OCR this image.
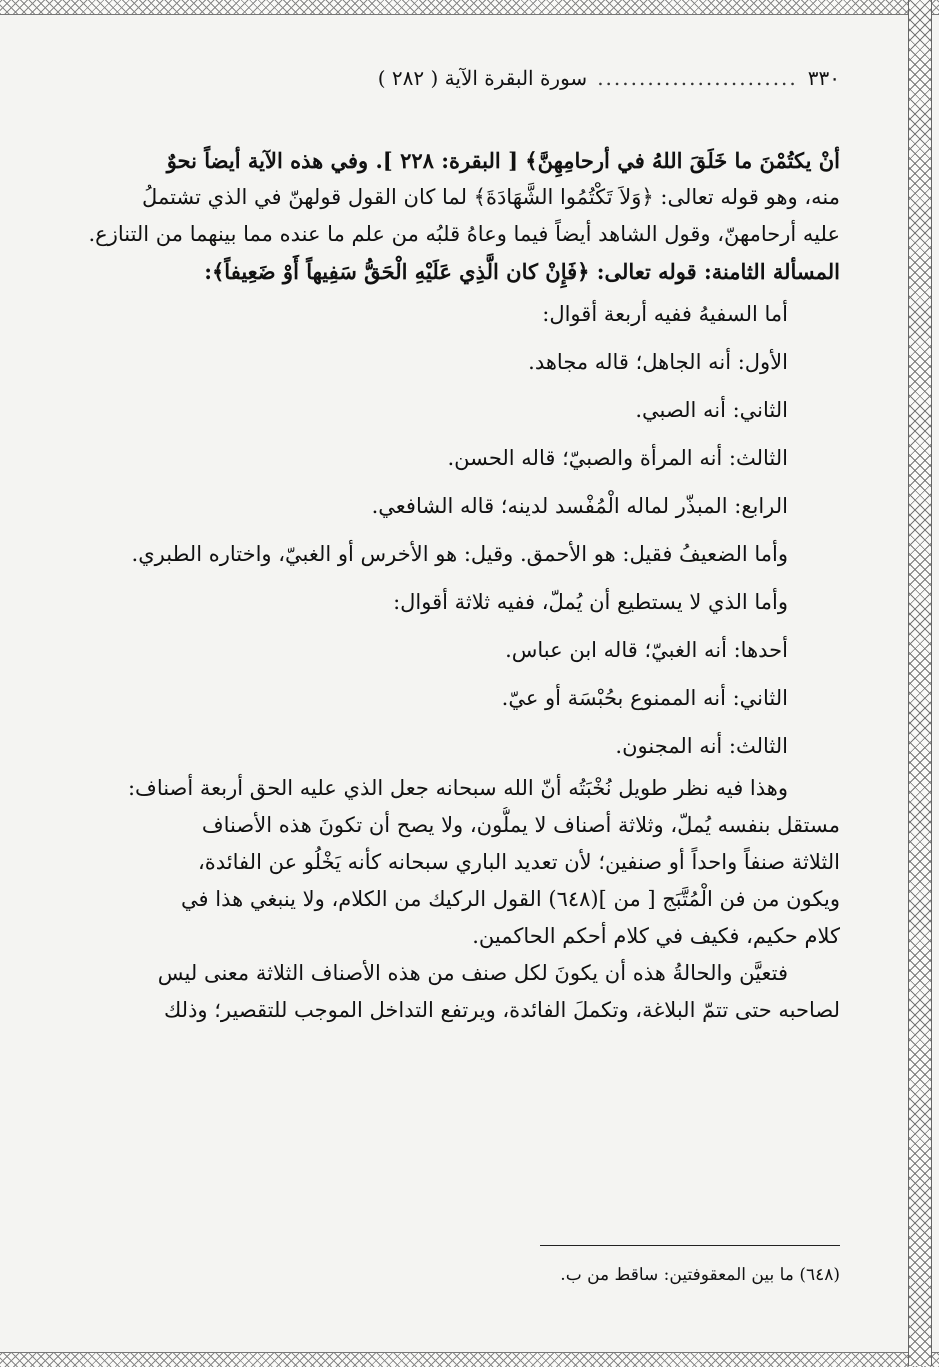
٣٣٠
........................
سورة البقرة الآية ( ٢٨٢ )
أنْ يكتُمْنَ ما خَلَقَ اللهُ في أرحامِهِنَّ﴾ [ البقرة: ٢٢٨ ]. وفي هذه الآية أيضاً نحوٌ
منه، وهو قوله تعالى: ﴿وَلاَ تَكْتُمُوا الشَّهَادَةَ﴾ لما كان القول قولهنّ في الذي تشتملُ
عليه أرحامهنّ، وقول الشاهد أيضاً فيما وعاهُ قلبُه من علم ما عنده مما بينهما من التنازع.
المسألة الثامنة: قوله تعالى: ﴿فَإِنْ كان الَّذِي عَلَيْهِ الْحَقُّ سَفِيهاً أَوْ ضَعِيفاً﴾:
أما السفيهُ ففيه أربعة أقوال:
الأول: أنه الجاهل؛ قاله مجاهد.
الثاني: أنه الصبي.
الثالث: أنه المرأة والصبيّ؛ قاله الحسن.
الرابع: المبذّر لماله الْمُفْسد لدينه؛ قاله الشافعي.
وأما الضعيفُ فقيل: هو الأحمق. وقيل: هو الأخرس أو الغبيّ، واختاره الطبري.
وأما الذي لا يستطيع أن يُملّ، ففيه ثلاثة أقوال:
أحدها: أنه الغبيّ؛ قاله ابن عباس.
الثاني: أنه الممنوع بحُبْسَة أو عيّ.
الثالث: أنه المجنون.
وهذا فيه نظر طويل نُخْبَتُه أنّ الله سبحانه جعل الذي عليه الحق أربعة أصناف:
مستقل بنفسه يُملّ، وثلاثة أصناف لا يملُّون، ولا يصح أن تكونَ هذه الأصناف
الثلاثة صنفاً واحداً أو صنفين؛ لأن تعديد الباري سبحانه كأنه يَخْلُو عن الفائدة،
ويكون من فن الْمُتَّبَج [ من ](٦٤٨) القول الركيك من الكلام، ولا ينبغي هذا في
كلام حكيم، فكيف في كلام أحكم الحاكمين.
فتعيَّن والحالةُ هذه أن يكونَ لكل صنف من هذه الأصناف الثلاثة معنى ليس
لصاحبه حتى تتمّ البلاغة، وتكملَ الفائدة، ويرتفع التداخل الموجب للتقصير؛ وذلك
(٦٤٨) ما بين المعقوفتين: ساقط من ب.
